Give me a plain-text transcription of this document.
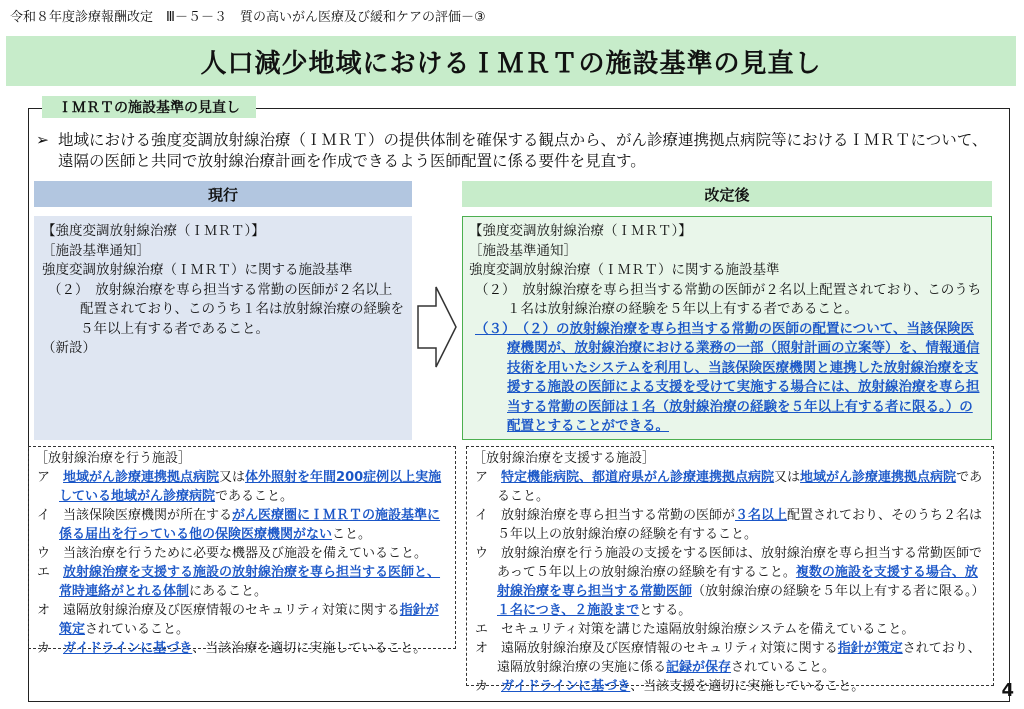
令和８年度診療報酬改定　Ⅲ－５－３　質の高いがん医療及び緩和ケアの評価－③
人口減少地域におけるＩＭＲＴの施設基準の見直し
ＩＭＲＴの施設基準の見直し
➢ 地域における強度変調放射線治療（ＩＭＲＴ）の提供体制を確保する観点から、がん診療連携拠点病院等におけるＩＭＲＴについて、遠隔の医師と共同で放射線治療計画を作成できるよう医師配置に係る要件を見直す。
現行	改定後
【強度変調放射線治療（ＩＭＲＴ）】
［施設基準通知］
強度変調放射線治療（ＩＭＲＴ）に関する施設基準
（２）　放射線治療を専ら担当する常勤の医師が２名以上配置されており、このうち１名は放射線治療の経験を５年以上有する者であること。
（新設）
【強度変調放射線治療（ＩＭＲＴ）】
［施設基準通知］
強度変調放射線治療（ＩＭＲＴ）に関する施設基準
（２）　放射線治療を専ら担当する常勤の医師が２名以上配置されており、このうち１名は放射線治療の経験を５年以上有する者であること。
（３）　（２）の放射線治療を専ら担当する常勤の医師の配置について、当該保険医療機関が、放射線治療における業務の一部（照射計画の立案等）を、情報通信技術を用いたシステムを利用し、当該保険医療機関と連携した放射線治療を支援する施設の医師による支援を受けて実施する場合には、放射線治療を専ら担当する常勤の医師は１名（放射線治療の経験を５年以上有する者に限る。）の配置とすることができる。
［放射線治療を行う施設］
ア　地域がん診療連携拠点病院又は体外照射を年間200症例以上実施している地域がん診療病院であること。
イ　当該保険医療機関が所在するがん医療圏にＩＭＲＴの施設基準に係る届出を行っている他の保険医療機関がないこと。
ウ　当該治療を行うために必要な機器及び施設を備えていること。
エ　放射線治療を支援する施設の放射線治療を専ら担当する医師と、常時連絡がとれる体制にあること。
オ　遠隔放射線治療及び医療情報のセキュリティ対策に関する指針が策定されていること。
カ　ガイドラインに基づき、当該治療を適切に実施していること。
［放射線治療を支援する施設］
ア　特定機能病院、都道府県がん診療連携拠点病院又は地域がん診療連携拠点病院であること。
イ　放射線治療を専ら担当する常勤の医師が３名以上配置されており、そのうち２名は５年以上の放射線治療の経験を有すること。
ウ　放射線治療を行う施設の支援をする医師は、放射線治療を専ら担当する常勤医師であって５年以上の放射線治療の経験を有すること。複数の施設を支援する場合、放射線治療を専ら担当する常勤医師（放射線治療の経験を５年以上有する者に限る。）１名につき、２施設までとする。
エ　セキュリティ対策を講じた遠隔放射線治療システムを備えていること。
オ　遠隔放射線治療及び医療情報のセキュリティ対策に関する指針が策定されており、遠隔放射線治療の実施に係る記録が保存されていること。
カ　ガイドラインに基づき、当該支援を適切に実施していること。	4
